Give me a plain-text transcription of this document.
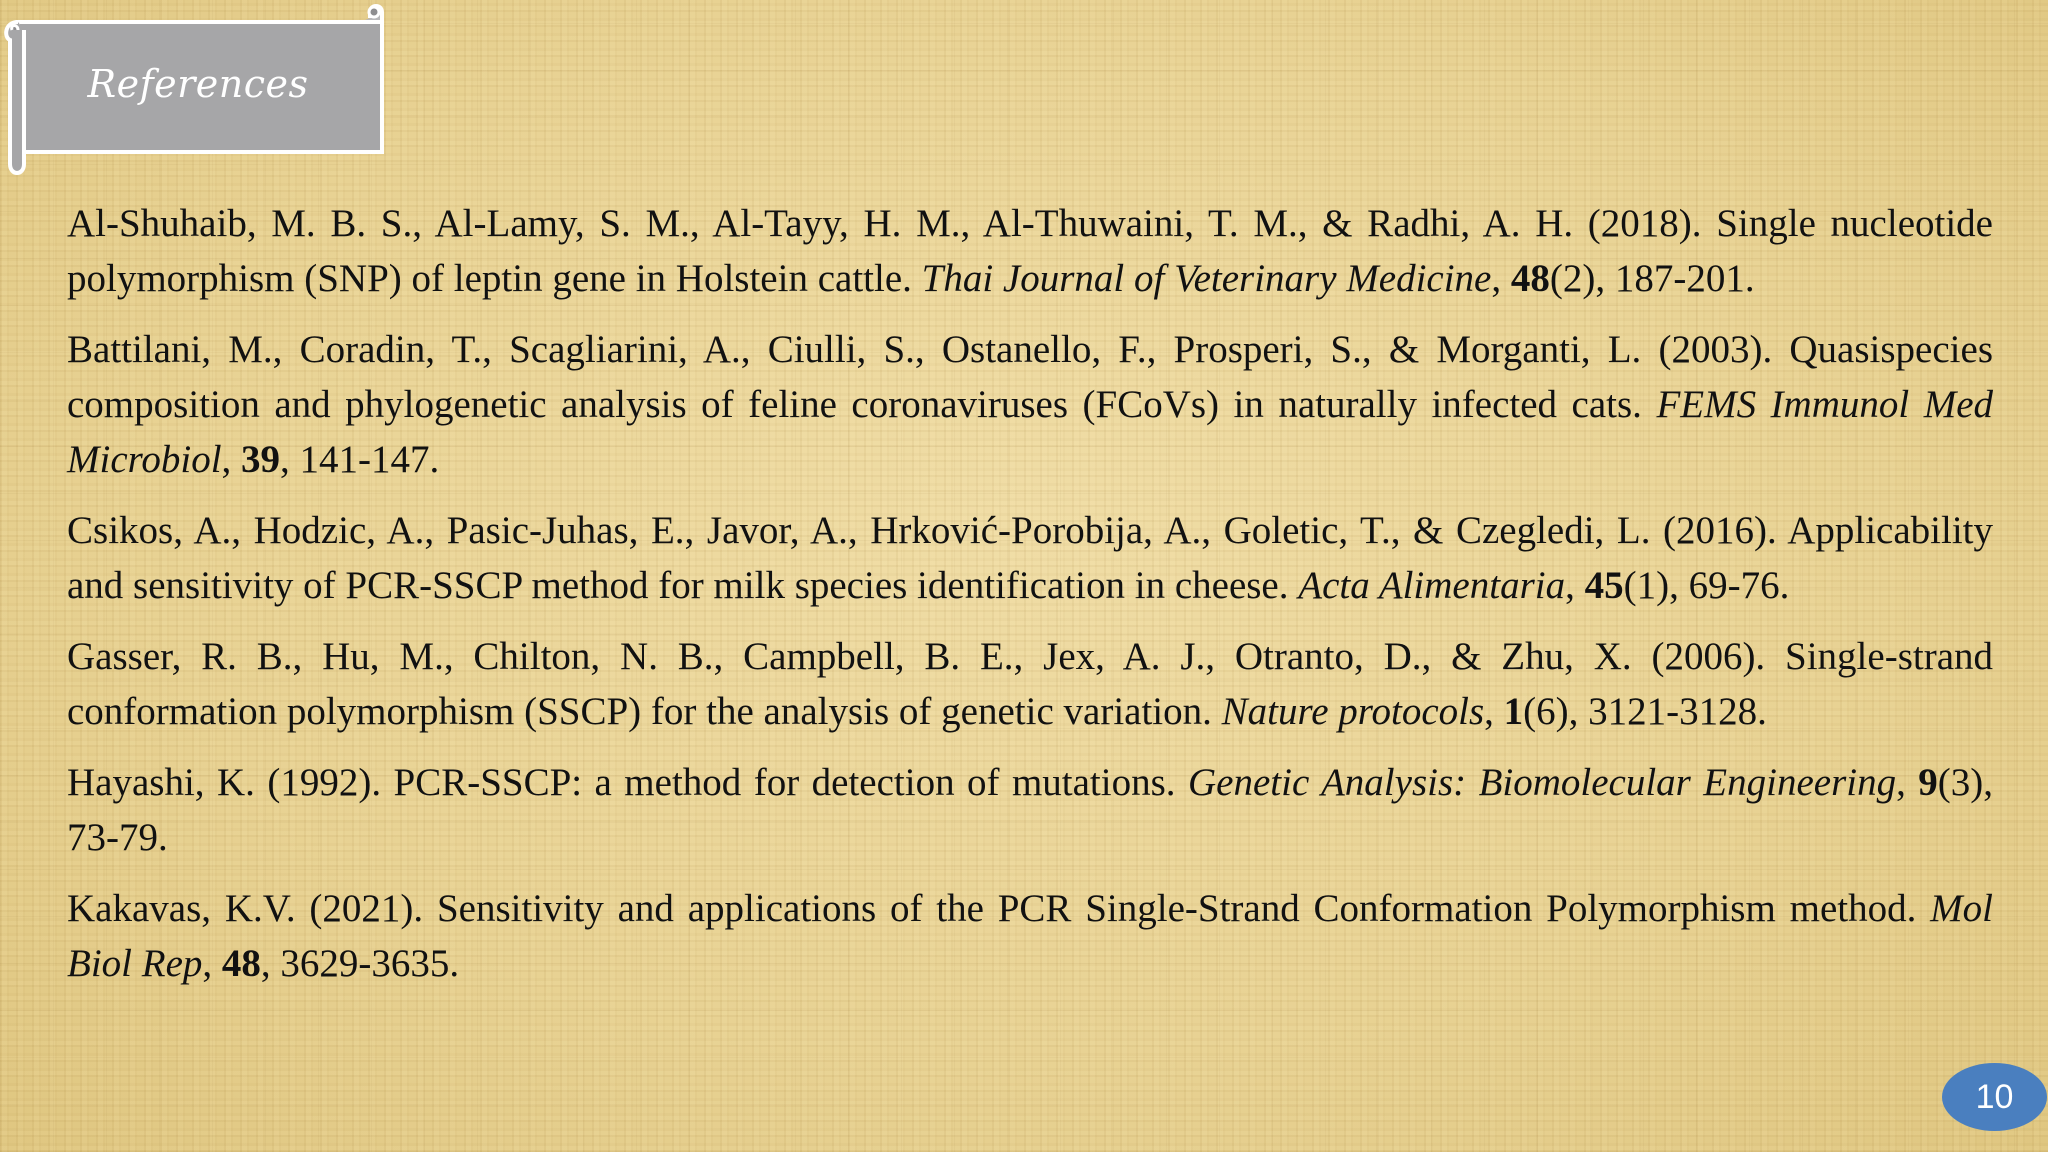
References

Al-Shuhaib, M. B. S., Al-Lamy, S. M., Al-Tayy, H. M., Al-Thuwaini, T. M., & Radhi, A. H. (2018). Single nucleotide polymorphism (SNP) of leptin gene in Holstein cattle. Thai Journal of Veterinary Medicine, 48(2), 187-201.

Battilani, M., Coradin, T., Scagliarini, A., Ciulli, S., Ostanello, F., Prosperi, S., & Morganti, L. (2003). Quasispecies composition and phylogenetic analysis of feline coronaviruses (FCoVs) in naturally infected cats. FEMS Immunol Med Microbiol, 39, 141-147.

Csikos, A., Hodzic, A., Pasic-Juhas, E., Javor, A., Hrković-Porobija, A., Goletic, T., & Czegledi, L. (2016). Applicability and sensitivity of PCR-SSCP method for milk species identification in cheese. Acta Alimentaria, 45(1), 69-76.

Gasser, R. B., Hu, M., Chilton, N. B., Campbell, B. E., Jex, A. J., Otranto, D., & Zhu, X. (2006). Single-strand conformation polymorphism (SSCP) for the analysis of genetic variation. Nature protocols, 1(6), 3121-3128.

Hayashi, K. (1992). PCR-SSCP: a method for detection of mutations. Genetic Analysis: Biomolecular Engineering, 9(3), 73-79.

Kakavas, K.V. (2021). Sensitivity and applications of the PCR Single-Strand Conformation Polymorphism method. Mol Biol Rep, 48, 3629-3635.

10
